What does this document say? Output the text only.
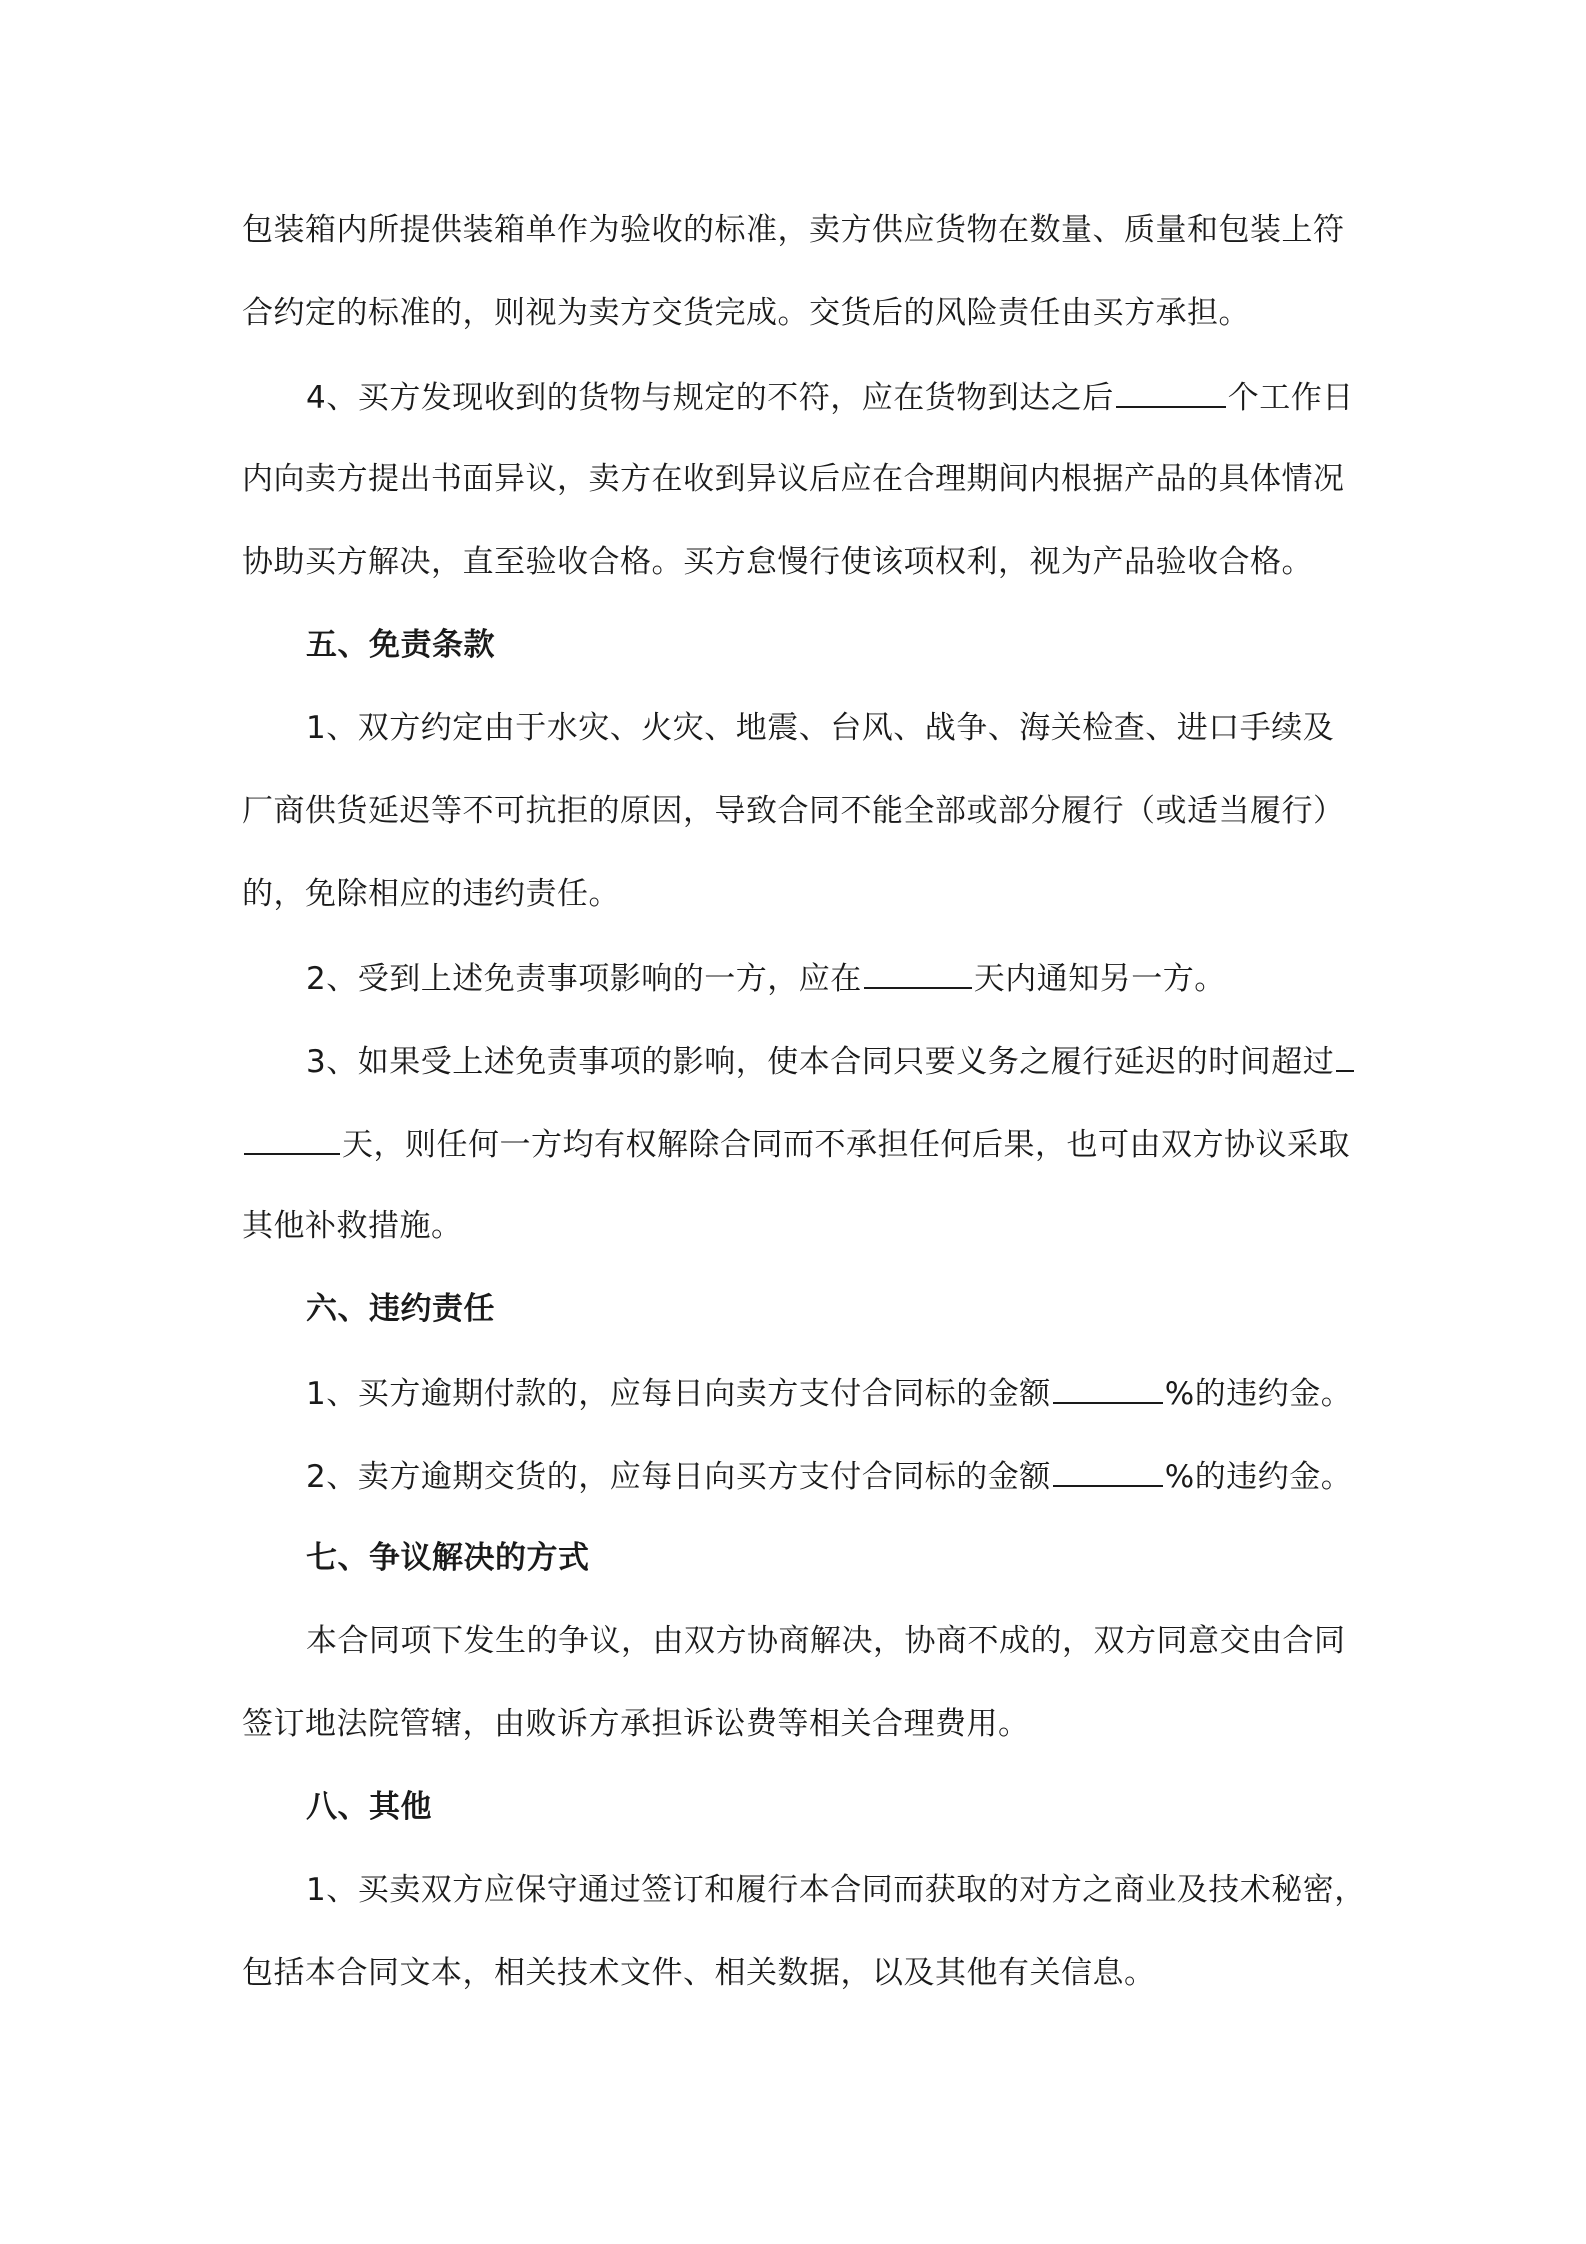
包装箱内所提供装箱单作为验收的标准，卖方供应货物在数量、质量和包装上符
合约定的标准的，则视为卖方交货完成。交货后的风险责任由买方承担。
4、买方发现收到的货物与规定的不符，应在货物到达之后	个工作日
内向卖方提出书面异议，卖方在收到异议后应在合理期间内根据产品的具体情况
协助买方解决，直至验收合格。买方怠慢行使该项权利，视为产品验收合格。
五、免责条款
1、双方约定由于水灾、火灾、地震、台风、战争、海关检查、进口手续及
厂商供货延迟等不可抗拒的原因，导致合同不能全部或部分履行（或适当履行）
的，免除相应的违约责任。
2、受到上述免责事项影响的一方，应在	天内通知另一方。
3、如果受上述免责事项的影响，使本合同只要义务之履行延迟的时间超过
天，则任何一方均有权解除合同而不承担任何后果，也可由双方协议采取
其他补救措施。
六、违约责任
1、买方逾期付款的，应每日向卖方支付合同标的金额	%的违约金。
2、卖方逾期交货的，应每日向买方支付合同标的金额	%的违约金。
七、争议解决的方式
本合同项下发生的争议，由双方协商解决，协商不成的，双方同意交由合同
签订地法院管辖，由败诉方承担诉讼费等相关合理费用。
八、其他
1、买卖双方应保守通过签订和履行本合同而获取的对方之商业及技术秘密，
包括本合同文本，相关技术文件、相关数据，以及其他有关信息。
